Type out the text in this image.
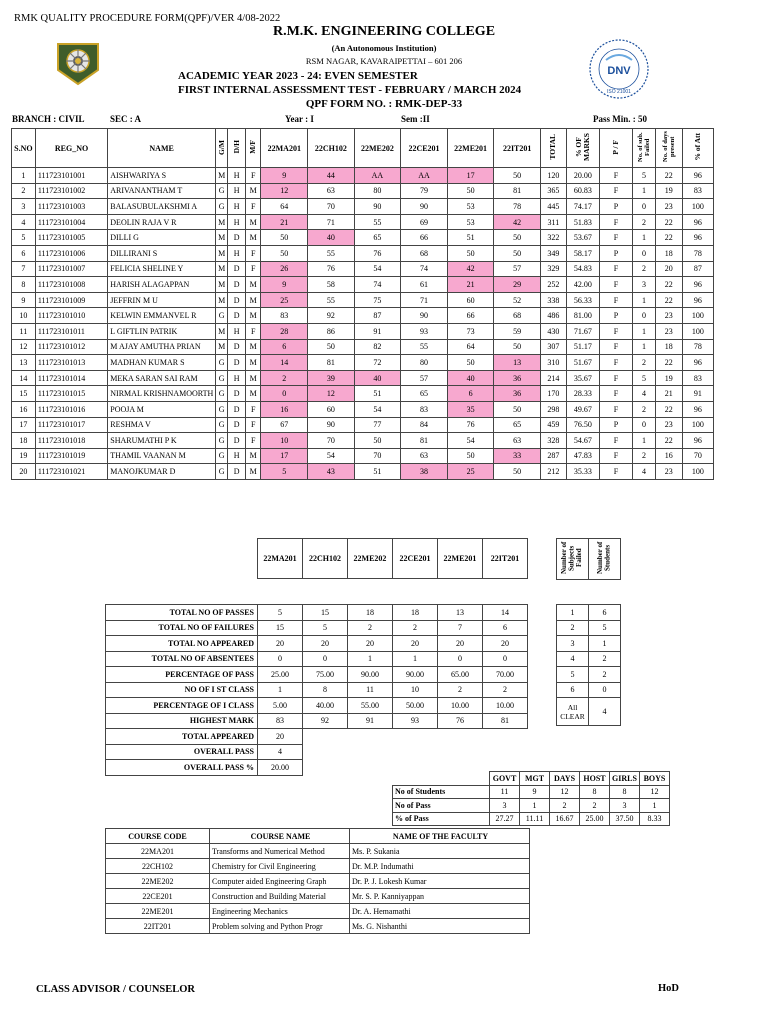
RMK QUALITY PROCEDURE FORM(QPF)/VER 4/08-2022
R.M.K. ENGINEERING COLLEGE
(An Autonomous Institution)
RSM NAGAR, KAVARAIPETTAI – 601 206
ACADEMIC YEAR 2023 - 24: EVEN SEMESTER
FIRST INTERNAL ASSESSMENT TEST - FEBRUARY / MARCH 2024
QPF FORM NO. : RMK-DEP-33
DNV
ISO 21001
BRANCH : CIVIL	SEC : A	Year : I	Sem :II	Pass Min. : 50
S.NO	REG_NO	NAME	G/M	D/H	M/F	22MA201	22CH102	22ME202	22CE201	22ME201	22IT201	TOTAL	% OF MARKS	P / F	No. of sub. Failed	No. of days present	% of Att
1	111723101001	AISHWARIYA S	M	H	F	9	44	AA	AA	17	50	120	20.00	F	5	22	96
2	111723101002	ARIVANANTHAM T	G	H	M	12	63	80	79	50	81	365	60.83	F	1	19	83
3	111723101003	BALASUBULAKSHMI A	G	H	F	64	70	90	90	53	78	445	74.17	P	0	23	100
4	111723101004	DEOLIN RAJA V R	M	H	M	21	71	55	69	53	42	311	51.83	F	2	22	96
5	111723101005	DILLI G	M	D	M	50	40	65	66	51	50	322	53.67	F	1	22	96
6	111723101006	DILLIRANI S	M	H	F	50	55	76	68	50	50	349	58.17	P	0	18	78
7	111723101007	FELICIA SHELINE Y	M	D	F	26	76	54	74	42	57	329	54.83	F	2	20	87
8	111723101008	HARISH ALAGAPPAN	M	D	M	9	58	74	61	21	29	252	42.00	F	3	22	96
9	111723101009	JEFFRIN M U	M	D	M	25	55	75	71	60	52	338	56.33	F	1	22	96
10	111723101010	KELWIN EMMANVEL R	G	D	M	83	92	87	90	66	68	486	81.00	P	0	23	100
11	111723101011	L GIFTLIN PATRIK	M	H	F	28	86	91	93	73	59	430	71.67	F	1	23	100
12	111723101012	M AJAY AMUTHA PRIAN	M	D	M	6	50	82	55	64	50	307	51.17	F	1	18	78
13	111723101013	MADHAN KUMAR S	G	D	M	14	81	72	80	50	13	310	51.67	F	2	22	96
14	111723101014	MEKA SARAN SAI RAM	G	H	M	2	39	40	57	40	36	214	35.67	F	5	19	83
15	111723101015	NIRMAL KRISHNAMOORTH	G	D	M	0	12	51	65	6	36	170	28.33	F	4	21	91
16	111723101016	POOJA M	G	D	F	16	60	54	83	35	50	298	49.67	F	2	22	96
17	111723101017	RESHMA V	G	D	F	67	90	77	84	76	65	459	76.50	P	0	23	100
18	111723101018	SHARUMATHI P K	G	D	F	10	70	50	81	54	63	328	54.67	F	1	22	96
19	111723101019	THAMIL VAANAN M	G	H	M	17	54	70	63	50	33	287	47.83	F	2	16	70
20	111723101021	MANOJKUMAR D	G	D	M	5	43	51	38	25	50	212	35.33	F	4	23	100
22MA201	22CH102	22ME202	22CE201	22ME201	22IT201	Number of Subjects Failed	Number of Students
TOTAL NO OF PASSES	5	15	18	18	13	14
TOTAL NO OF FAILURES	15	5	2	2	7	6
TOTAL NO APPEARED	20	20	20	20	20	20
TOTAL NO OF ABSENTEES	0	0	1	1	0	0
PERCENTAGE OF PASS	25.00	75.00	90.00	90.00	65.00	70.00
NO OF I ST CLASS	1	8	11	10	2	2
PERCENTAGE OF I CLASS	5.00	40.00	55.00	50.00	10.00	10.00
HIGHEST MARK	83	92	91	93	76	81
TOTAL APPEARED	20					
OVERALL PASS	4					
OVERALL PASS %	20.00					
1	6
2	5
3	1
4	2
5	2
6	0
All CLEAR	4
	GOVT	MGT	DAYS	HOST	GIRLS	BOYS
No of Students	11	9	12	8	8	12
No of Pass	3	1	2	2	3	1
% of Pass	27.27	11.11	16.67	25.00	37.50	8.33
COURSE CODE	COURSE NAME	NAME OF THE FACULTY
22MA201	Transforms and Numerical Method	Ms. P. Sukania
22CH102	Chemistry for Civil Engineering	Dr. M.P. Indumathi
22ME202	Computer aided Engineering Graph	Dr. P. J. Lokesh Kumar
22CE201	Construction and Building Material	Mr. S. P. Kanniyappan
22ME201	Engineering Mechanics	Dr. A. Hemamathi
22IT201	Problem solving and Python Progr	Ms. G. Nishanthi
CLASS ADVISOR / COUNSELOR	HoD
